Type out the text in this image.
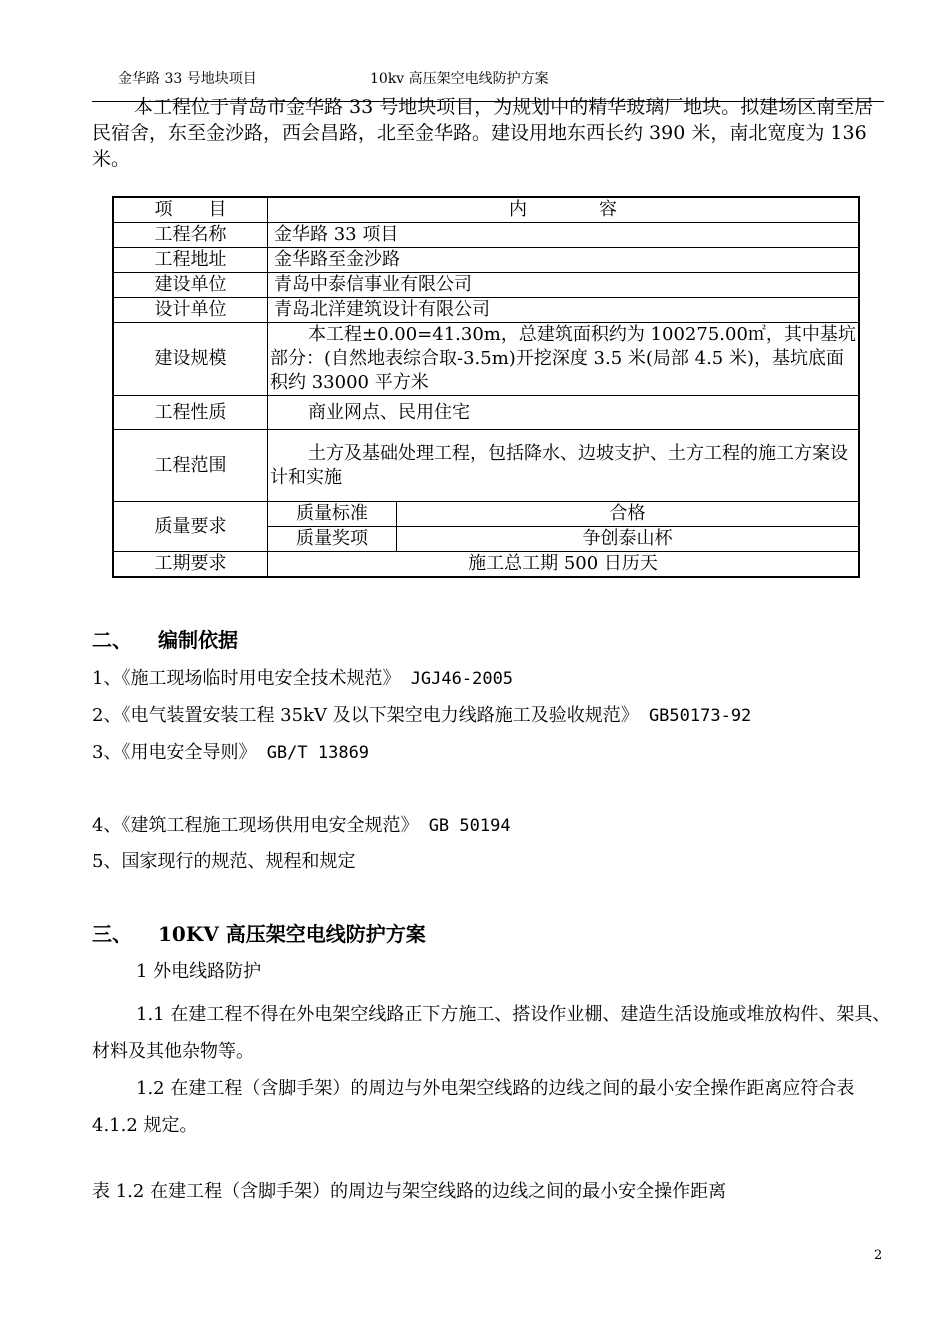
金华路 33 号地块项目	10kv 高压架空电线防护方案

本工程位于青岛市金华路 33 号地块项目，为规划中的精华玻璃厂地块。拟建场区南至居民宿舍，东至金沙路，西会昌路，北至金华路。建设用地东西长约 390 米，南北宽度为 136 米。

项　　目	内　　　　容	
工程名称	金华路 33 项目	
工程地址	金华路至金沙路	
建设单位	青岛中泰信事业有限公司	
设计单位	青岛北洋建筑设计有限公司	
建设规模	本工程±0.00=41.30m，总建筑面积约为 100275.00㎡，其中基坑部分：(自然地表综合取-3.5m)开挖深度 3.5 米(局部 4.5 米)，基坑底面积约 33000 平方米	
工程性质	商业网点、民用住宅	
工程范围	土方及基础处理工程，包括降水、边坡支护、土方工程的施工方案设计和实施	
质量要求	质量标准	合格
	质量奖项	争创泰山杯
工期要求	施工总工期 500 日历天	
二、 编制依据
1、《施工现场临时用电安全技术规范》 JGJ46-2005
2、《电气装置安装工程 35kV 及以下架空电力线路施工及验收规范》 GB50173-92
3、《用电安全导则》 GB/T 13869
4、《建筑工程施工现场供用电安全规范》 GB 50194
5、国家现行的规范、规程和规定
三、 10KV 高压架空电线防护方案
1 外电线路防护
1.1 在建工程不得在外电架空线路正下方施工、搭设作业棚、建造生活设施或堆放构件、架具、材料及其他杂物等。
1.2 在建工程（含脚手架）的周边与外电架空线路的边线之间的最小安全操作距离应符合表 4.1.2 规定。
表 1.2 在建工程（含脚手架）的周边与架空线路的边线之间的最小安全操作距离
2
